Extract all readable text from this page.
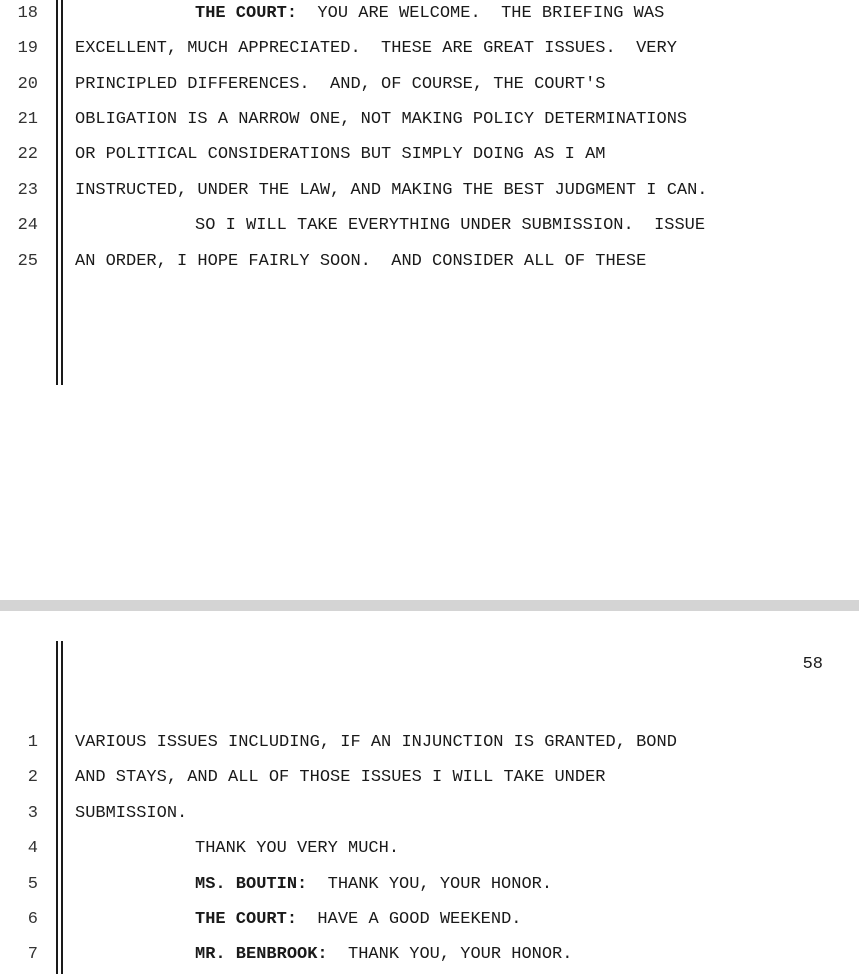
18	THE COURT:  YOU ARE WELCOME.  THE BRIEFING WAS
19 EXCELLENT, MUCH APPRECIATED.  THESE ARE GREAT ISSUES.  VERY
20 PRINCIPLED DIFFERENCES.  AND, OF COURSE, THE COURT'S
21 OBLIGATION IS A NARROW ONE, NOT MAKING POLICY DETERMINATIONS
22 OR POLITICAL CONSIDERATIONS BUT SIMPLY DOING AS I AM
23 INSTRUCTED, UNDER THE LAW, AND MAKING THE BEST JUDGMENT I CAN.
24	SO I WILL TAKE EVERYTHING UNDER SUBMISSION.  ISSUE
25 AN ORDER, I HOPE FAIRLY SOON.  AND CONSIDER ALL OF THESE
58
1 VARIOUS ISSUES INCLUDING, IF AN INJUNCTION IS GRANTED, BOND
2 AND STAYS, AND ALL OF THOSE ISSUES I WILL TAKE UNDER
3 SUBMISSION.
4	THANK YOU VERY MUCH.
5	MS. BOUTIN:  THANK YOU, YOUR HONOR.
6	THE COURT:  HAVE A GOOD WEEKEND.
7	MR. BENBROOK:  THANK YOU, YOUR HONOR.
